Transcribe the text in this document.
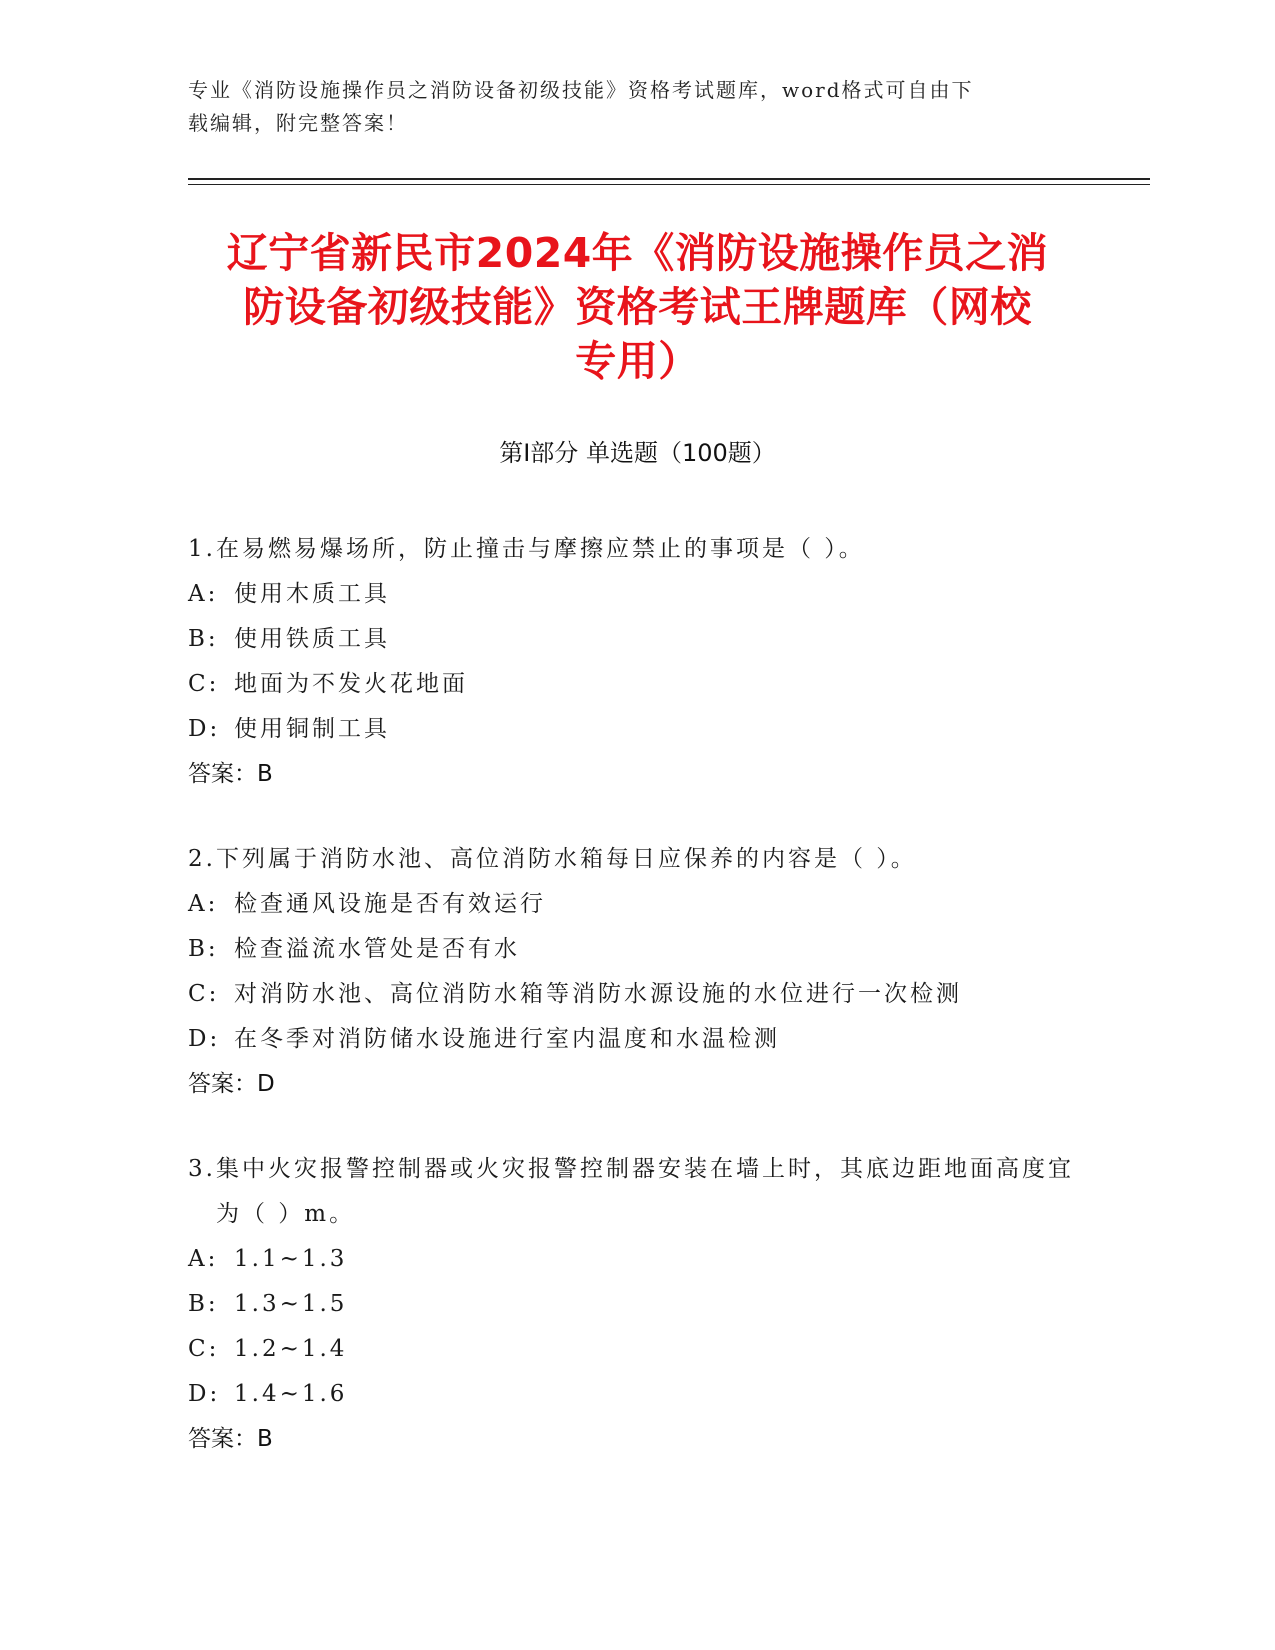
专业《消防设施操作员之消防设备初级技能》资格考试题库，word格式可自由下
载编辑，附完整答案！
辽宁省新民市2024年《消防设施操作员之消
防设备初级技能》资格考试王牌题库（网校
专用）
第Ⅰ部分 单选题（100题）
1. 在易燃易爆场所，防止撞击与摩擦应禁止的事项是（ ）。
A: 使用木质工具
B: 使用铁质工具
C: 地面为不发火花地面
D: 使用铜制工具
答案：B
2. 下列属于消防水池、高位消防水箱每日应保养的内容是（ ）。
A: 检查通风设施是否有效运行
B: 检查溢流水管处是否有水
C: 对消防水池、高位消防水箱等消防水源设施的水位进行一次检测
D: 在冬季对消防储水设施进行室内温度和水温检测
答案：D
3. 集中火灾报警控制器或火灾报警控制器安装在墙上时，其底边距地面高度宜为（ ）m。
A: 1.1~1.3
B: 1.3~1.5
C: 1.2~1.4
D: 1.4~1.6
答案：B
